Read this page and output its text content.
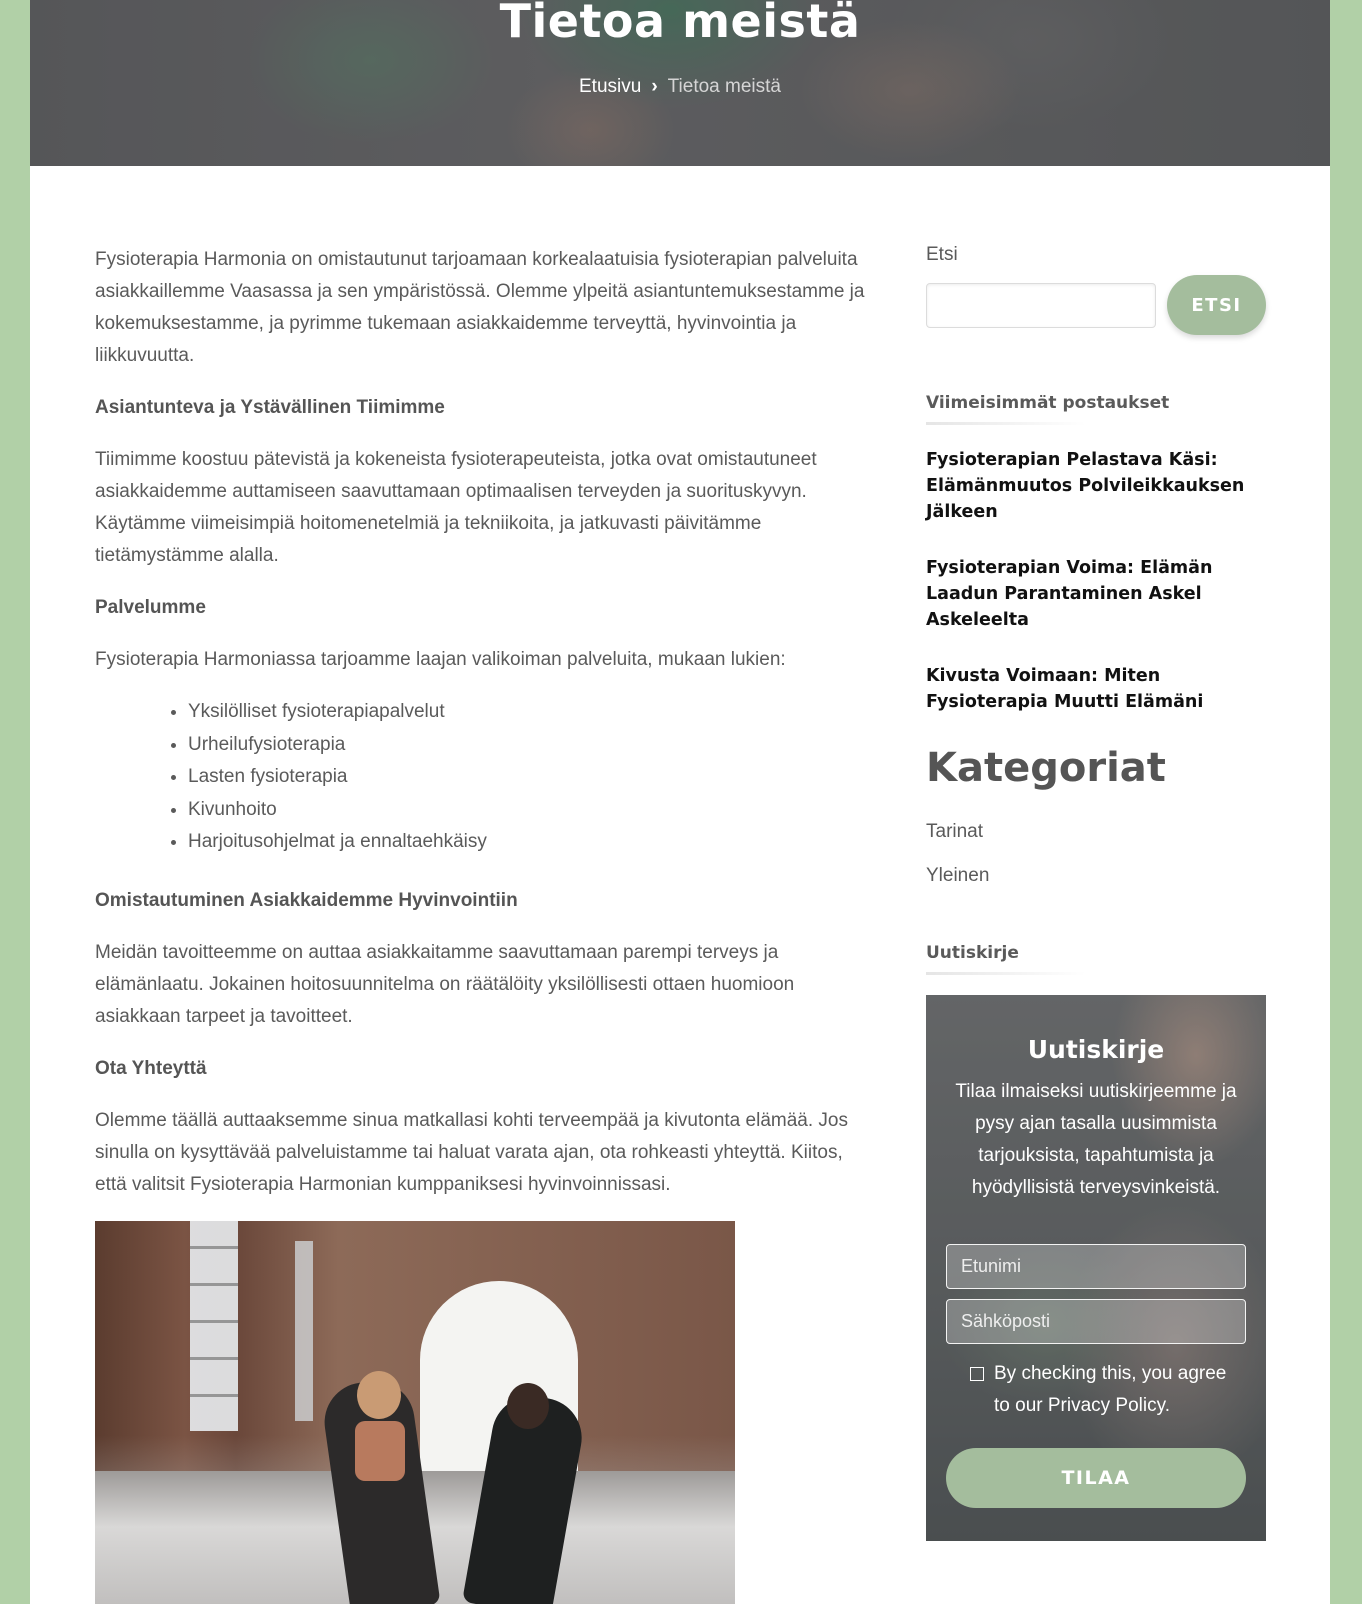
Tietoa meistä
Etusivu › Tietoa meistä

Fysioterapia Harmonia on omistautunut tarjoamaan korkealaatuisia fysioterapian palveluita asiakkaillemme Vaasassa ja sen ympäristössä. Olemme ylpeitä asiantuntemuksestamme ja kokemuksestamme, ja pyrimme tukemaan asiakkaidemme terveyttä, hyvinvointia ja liikkuvuutta.

Asiantunteva ja Ystävällinen Tiimimme

Tiimimme koostuu pätevistä ja kokeneista fysioterapeuteista, jotka ovat omistautuneet asiakkaidemme auttamiseen saavuttamaan optimaalisen terveyden ja suorituskyvyn. Käytämme viimeisimpiä hoitomenetelmiä ja tekniikoita, ja jatkuvasti päivitämme tietämystämme alalla.

Palvelumme

Fysioterapia Harmoniassa tarjoamme laajan valikoiman palveluita, mukaan lukien:

• Yksilölliset fysioterapiapalvelut
• Urheilufysioterapia
• Lasten fysioterapia
• Kivunhoito
• Harjoitusohjelmat ja ennaltaehkäisy
Omistautuminen Asiakkaidemme Hyvinvointiin

Meidän tavoitteemme on auttaa asiakkaitamme saavuttamaan parempi terveys ja elämänlaatu. Jokainen hoitosuunnitelma on räätälöity yksilöllisesti ottaen huomioon asiakkaan tarpeet ja tavoitteet.

Ota Yhteyttä

Olemme täällä auttaaksemme sinua matkallasi kohti terveempää ja kivutonta elämää. Jos sinulla on kysyttävää palveluistamme tai haluat varata ajan, ota rohkeasti yhteyttä. Kiitos, että valitsit Fysioterapia Harmonian kumppaniksesi hyvinvoinnissasi.

Etsi
ETSI
Viimeisimmät postaukset
Fysioterapian Pelastava Käsi: Elämänmuutos Polvileikkauksen Jälkeen
Fysioterapian Voima: Elämän Laadun Parantaminen Askel Askeleelta
Kivusta Voimaan: Miten Fysioterapia Muutti Elämäni
Kategoriat
Tarinat
Yleinen
Uutiskirje
Uutiskirje
Tilaa ilmaiseksi uutiskirjeemme ja pysy ajan tasalla uusimmista tarjouksista, tapahtumista ja hyödyllisistä terveysvinkeistä.
Etunimi
Sähköposti
By checking this, you agree to our Privacy Policy.
TILAA
